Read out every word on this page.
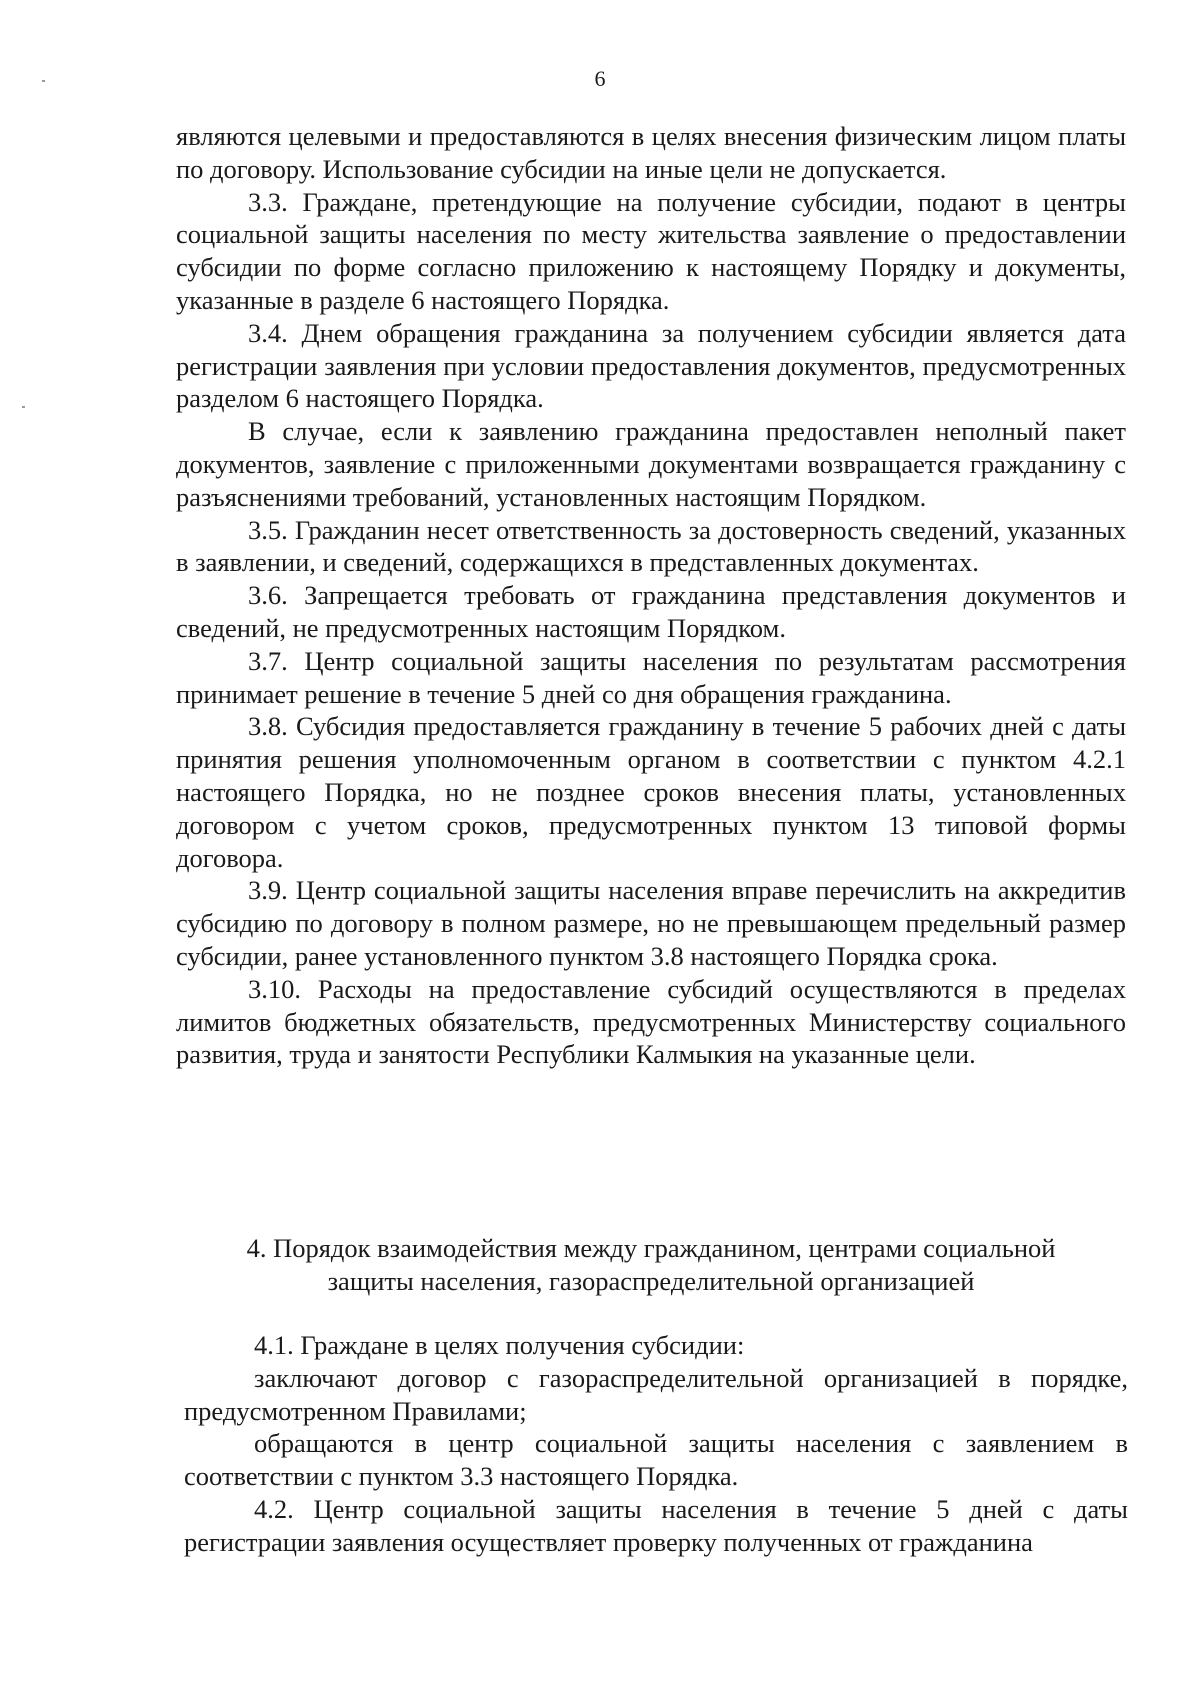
6

являются целевыми и предоставляются в целях внесения физическим лицом платы по договору. Использование субсидии на иные цели не допускается.

3.3. Граждане, претендующие на получение субсидии, подают в центры социальной защиты населения по месту жительства заявление о предоставлении субсидии по форме согласно приложению к настоящему Порядку и документы, указанные в разделе 6 настоящего Порядка.

3.4. Днем обращения гражданина за получением субсидии является дата регистрации заявления при условии предоставления документов, предусмотренных разделом 6 настоящего Порядка.

В случае, если к заявлению гражданина предоставлен неполный пакет документов, заявление с приложенными документами возвращается гражданину с разъяснениями требований, установленных настоящим Порядком.

3.5. Гражданин несет ответственность за достоверность сведений, указанных в заявлении, и сведений, содержащихся в представленных документах.

3.6. Запрещается требовать от гражданина представления документов и сведений, не предусмотренных настоящим Порядком.

3.7. Центр социальной защиты населения по результатам рассмотрения принимает решение в течение 5 дней со дня обращения гражданина.

3.8. Субсидия предоставляется гражданину в течение 5 рабочих дней с даты принятия решения уполномоченным органом в соответствии с пунктом 4.2.1 настоящего Порядка, но не позднее сроков внесения платы, установленных договором с учетом сроков, предусмотренных пунктом 13 типовой формы договора.

3.9. Центр социальной защиты населения вправе перечислить на аккредитив субсидию по договору в полном размере, но не превышающем предельный размер субсидии, ранее установленного пунктом 3.8 настоящего Порядка срока.

3.10. Расходы на предоставление субсидий осуществляются в пределах лимитов бюджетных обязательств, предусмотренных Министерству социального развития, труда и занятости Республики Калмыкия на указанные цели.

4. Порядок взаимодействия между гражданином, центрами социальной
защиты населения, газораспределительной организацией

4.1. Граждане в целях получения субсидии:

заключают договор с газораспределительной организацией в порядке, предусмотренном Правилами;

обращаются в центр социальной защиты населения с заявлением в соответствии с пунктом 3.3 настоящего Порядка.

4.2. Центр социальной защиты населения в течение 5 дней с даты регистрации заявления осуществляет проверку полученных от гражданина
